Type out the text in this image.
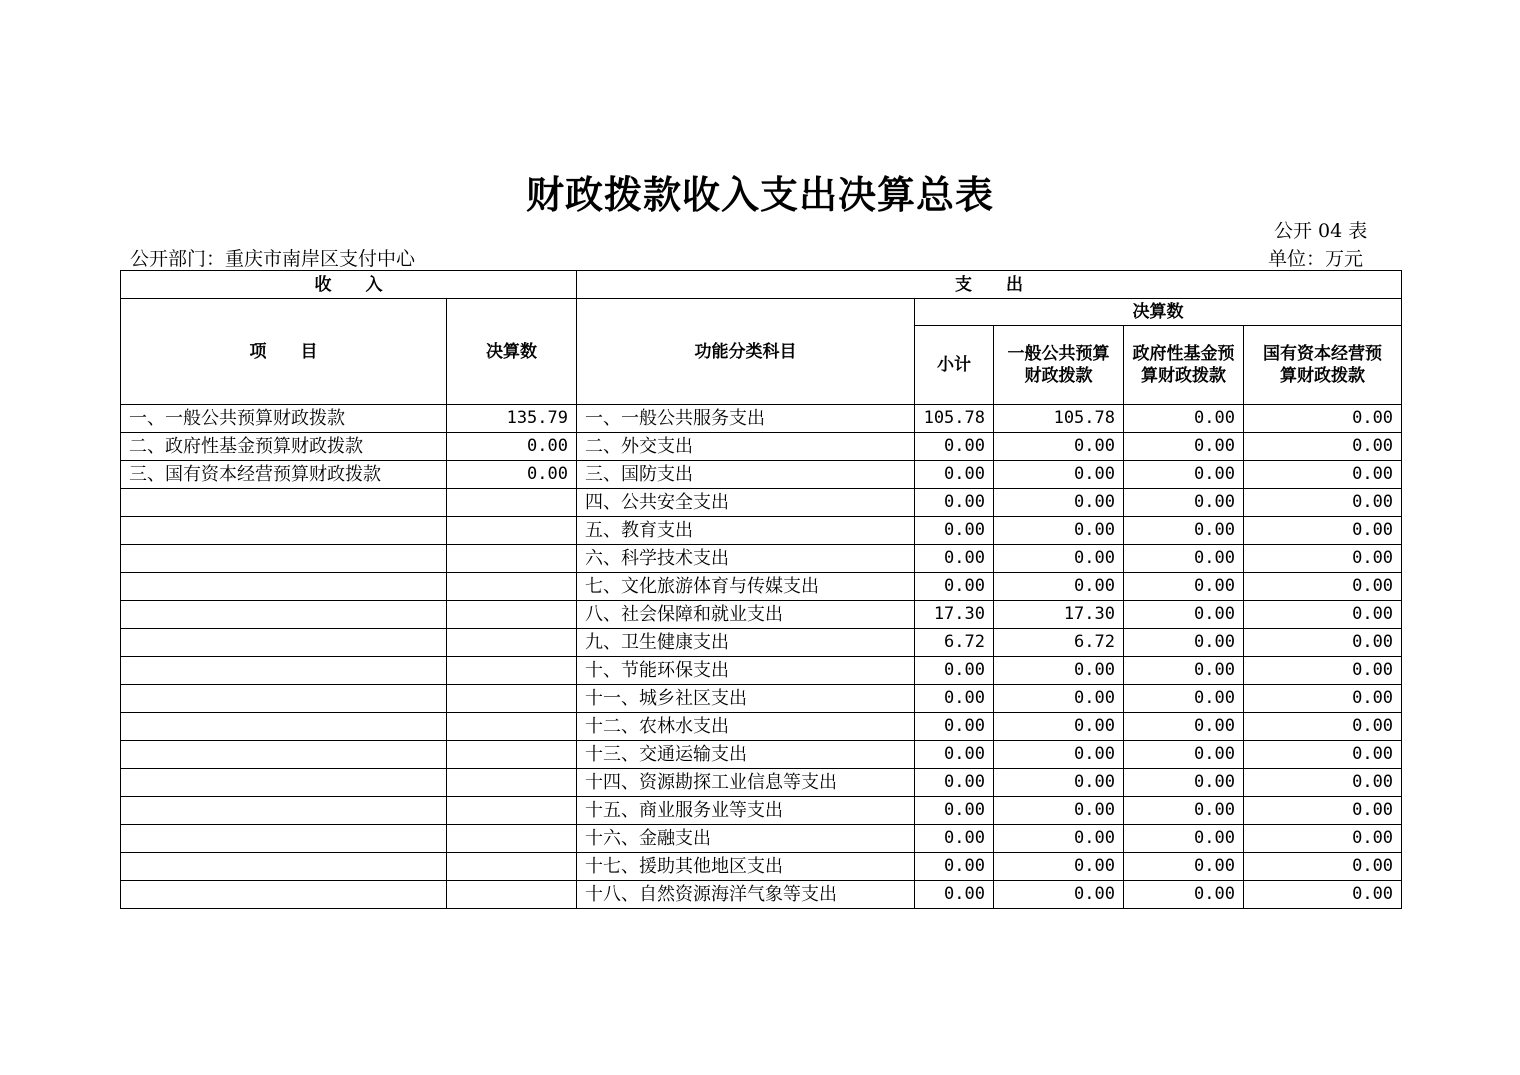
财政拨款收入支出决算总表
公开 04 表
公开部门：重庆市南岸区支付中心	单位：万元
收　　入		支　　出				
项　　目	决算数	功能分类科目	决算数			
			小计	一般公共预算财政拨款	政府性基金预算财政拨款	国有资本经营预算财政拨款
一、一般公共预算财政拨款	135.79	一、一般公共服务支出	105.78	105.78	0.00	0.00
二、政府性基金预算财政拨款	0.00	二、外交支出	0.00	0.00	0.00	0.00
三、国有资本经营预算财政拨款	0.00	三、国防支出	0.00	0.00	0.00	0.00
		四、公共安全支出	0.00	0.00	0.00	0.00
		五、教育支出	0.00	0.00	0.00	0.00
		六、科学技术支出	0.00	0.00	0.00	0.00
		七、文化旅游体育与传媒支出	0.00	0.00	0.00	0.00
		八、社会保障和就业支出	17.30	17.30	0.00	0.00
		九、卫生健康支出	6.72	6.72	0.00	0.00
		十、节能环保支出	0.00	0.00	0.00	0.00
		十一、城乡社区支出	0.00	0.00	0.00	0.00
		十二、农林水支出	0.00	0.00	0.00	0.00
		十三、交通运输支出	0.00	0.00	0.00	0.00
		十四、资源勘探工业信息等支出	0.00	0.00	0.00	0.00
		十五、商业服务业等支出	0.00	0.00	0.00	0.00
		十六、金融支出	0.00	0.00	0.00	0.00
		十七、援助其他地区支出	0.00	0.00	0.00	0.00
		十八、自然资源海洋气象等支出	0.00	0.00	0.00	0.00
